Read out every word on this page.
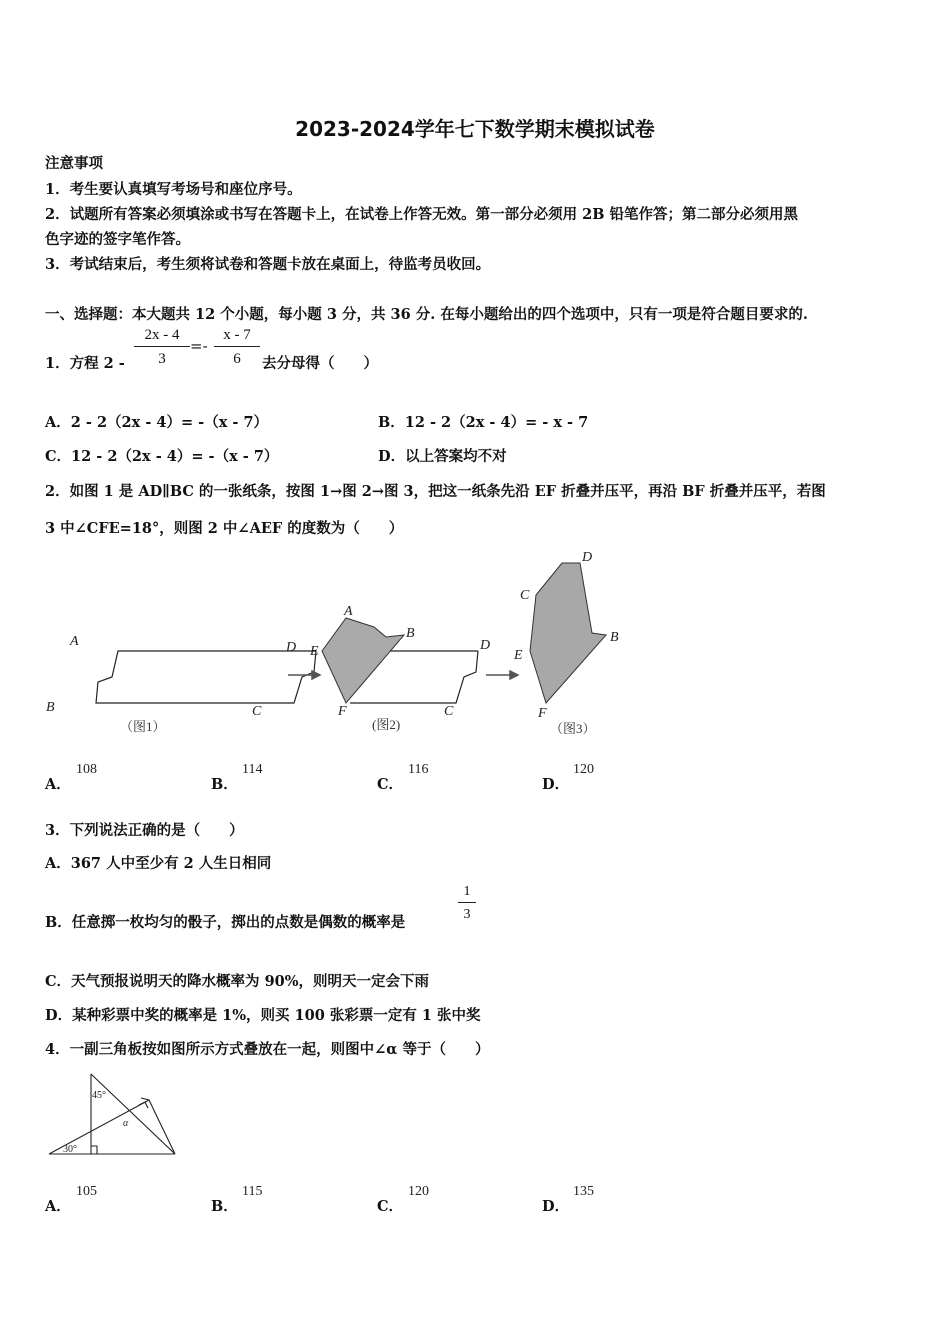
2023-2024学年七下数学期末模拟试卷
注意事项
1．考生要认真填写考场号和座位序号。
2．试题所有答案必须填涂或书写在答题卡上，在试卷上作答无效。第一部分必须用 2B 铅笔作答；第二部分必须用黑
色字迹的签字笔作答。
3．考试结束后，考生须将试卷和答题卡放在桌面上，待监考员收回。
一、选择题：本大题共 12 个小题，每小题 3 分，共 36 分. 在每小题给出的四个选项中，只有一项是符合题目要求的.
1．方程 $2 - \frac{2x - 4}{3} =- \frac{x - 7}{6}$ 去分母得（　　）
A．2 - 2（2x - 4）= -（x - 7）	B．12 - 2（2x - 4）= - x - 7
C．12 - 2（2x - 4）= -（x - 7）	D．以上答案均不对
2．如图 1 是 AD∥BC 的一张纸条，按图 1→图 2→图 3，把这一纸条先沿 EF 折叠并压平，再沿 BF 折叠并压平，若图
3 中∠CFE=18°，则图 2 中∠AEF 的度数为（　　）
A
B	C
D
A
B
C
D
E
F
C
D
B
E
F
（图1）	(图2)	（图3）
A．
108
B．
114
C．
116
D．
120
3．下列说法正确的是（　　）
A．367 人中至少有 2 人生日相同
B．任意掷一枚均匀的骰子，掷出的点数是偶数的概率是	$\frac{1}{3}$
C．天气预报说明天的降水概率为 90%，则明天一定会下雨
D．某种彩票中奖的概率是 1%，则买 100 张彩票一定有 1 张中奖
4．一副三角板按如图所示方式叠放在一起，则图中∠α 等于（　　）
45°
α
30°
A．
105
B．
115
C．
120
D．
135
